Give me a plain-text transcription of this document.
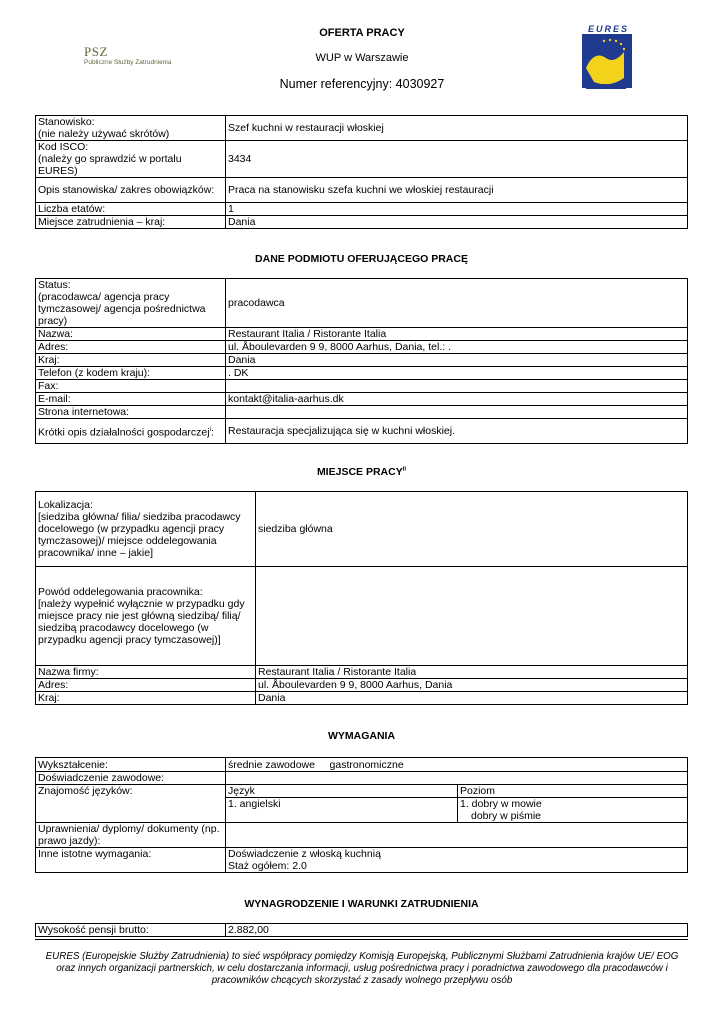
PSZ
Publiczne Służby Zatrudnienia
EURES
OFERTA PRACY
WUP w Warszawie
Numer referencyjny: 4030927
Stanowisko:
(nie należy używać skrótów)	Szef kuchni w restauracji włoskiej
Kod ISCO:
(należy go sprawdzić w portalu EURES)	3434
Opis stanowiska/ zakres obowiązków:	Praca na stanowisku szefa kuchni we włoskiej restauracji
Liczba etatów:	1
Miejsce zatrudnienia – kraj:	Dania
DANE PODMIOTU OFERUJĄCEGO PRACĘ
Status:
(pracodawca/ agencja pracy tymczasowej/ agencja pośrednictwa pracy)	pracodawca
Nazwa:	Restaurant Italia / Ristorante Italia
Adres:	ul. Åboulevarden 9 9, 8000 Aarhus, Dania, tel.: .
Kraj:	Dania
Telefon (z kodem kraju):	. DK
Fax:	
E-mail:	kontakt@italia-aarhus.dk
Strona internetowa:	
Krótki opis działalności gospodarczej$^i$:	Restauracja specjalizująca się w kuchni włoskiej.
MIEJSCE PRACY$^{ii}$
Lokalizacja:
[siedziba główna/ filia/ siedziba pracodawcy docelowego (w przypadku agencji pracy tymczasowej)/ miejsce oddelegowania pracownika/ inne – jakie]	siedziba główna
Powód oddelegowania pracownika:
[należy wypełnić wyłącznie w przypadku gdy miejsce pracy nie jest główną siedzibą/ filią/ siedzibą pracodawcy docelowego (w przypadku agencji pracy tymczasowej)]	
Nazwa firmy:	Restaurant Italia / Ristorante Italia
Adres:	ul. Åboulevarden 9 9, 8000 Aarhus, Dania
Kraj:	Dania
WYMAGANIA
Wykształcenie:	średnie zawodowe     gastronomiczne	
Doświadczenie zawodowe:		
Znajomość języków:	Język	Poziom
	1. angielski	1. dobry w mowie
dobry w piśmie

Uprawnienia/ dyplomy/ dokumenty (np. prawo jazdy):		
Inne istotne wymagania:	Doświadczenie z włoską kuchnią
Staż ogółem: 2.0	
WYNAGRODZENIE I WARUNKI ZATRUDNIENIA
Wysokość pensji brutto:	2.882,00
EURES (Europejskie Służby Zatrudnienia) to sieć współpracy pomiędzy Komisją Europejską, Publicznymi Służbami Zatrudnienia krajów UE/ EOG oraz innych organizacji partnerskich, w celu dostarczania informacji, usług pośrednictwa pracy i poradnictwa zawodowego dla pracodawców i pracowników chcących skorzystać z zasady wolnego przepływu osób
